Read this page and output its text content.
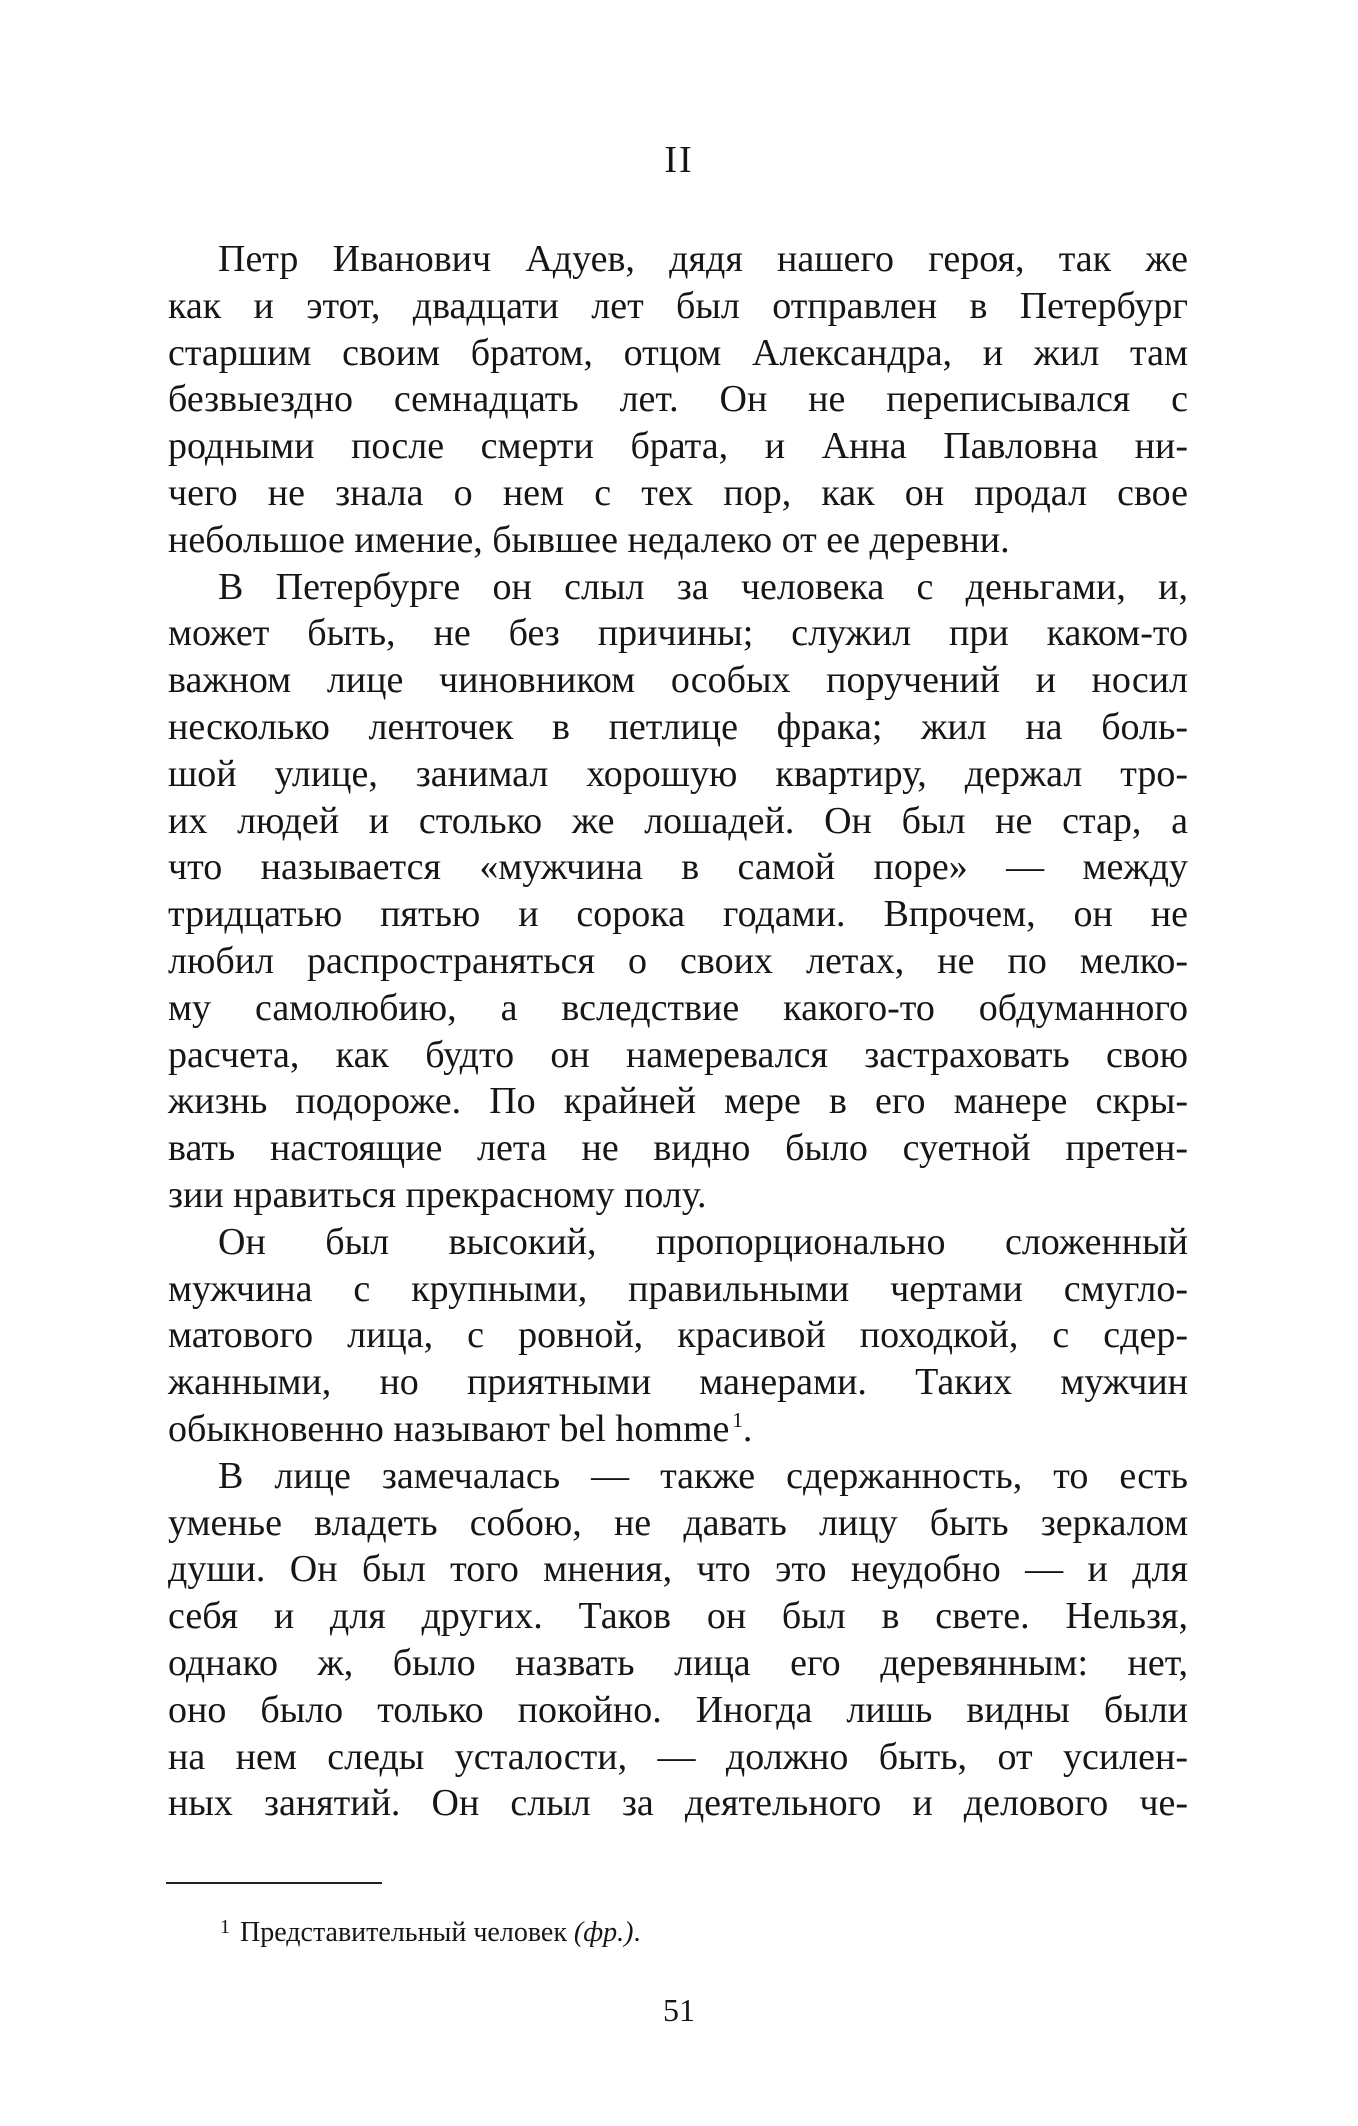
II
Петр Иванович Адуев, дядя нашего героя, так же
как и этот, двадцати лет был отправлен в Петербург
старшим своим братом, отцом Александра, и жил там
безвыездно семнадцать лет. Он не переписывался с
родными после смерти брата, и Анна Павловна ни-
чего не знала о нем с тех пор, как он продал свое
небольшое имение, бывшее недалеко от ее деревни.
В Петербурге он слыл за человека с деньгами, и,
может быть, не без причины; служил при каком-то
важном лице чиновником особых поручений и носил
несколько ленточек в петлице фрака; жил на боль-
шой улице, занимал хорошую квартиру, держал тро-
их людей и столько же лошадей. Он был не стар, а
что называется «мужчина в самой поре» — между
тридцатью пятью и сорока годами. Впрочем, он не
любил распространяться о своих летах, не по мелко-
му самолюбию, а вследствие какого-то обдуманного
расчета, как будто он намеревался застраховать свою
жизнь подороже. По крайней мере в его манере скры-
вать настоящие лета не видно было суетной претен-
зии нравиться прекрасному полу.
Он был высокий, пропорционально сложенный
мужчина с крупными, правильными чертами смугло-
матового лица, с ровной, красивой походкой, с сдер-
жанными, но приятными манерами. Таких мужчин
обыкновенно называют bel homme $^1$.
В лице замечалась — также сдержанность, то есть
уменье владеть собою, не давать лицу быть зеркалом
души. Он был того мнения, что это неудобно — и для
себя и для других. Таков он был в свете. Нельзя,
однако ж, было назвать лица его деревянным: нет,
оно было только покойно. Иногда лишь видны были
на нем следы усталости, — должно быть, от усилен-
ных занятий. Он слыл за деятельного и делового че-
$^1$ Представительный человек (фр.).
51
